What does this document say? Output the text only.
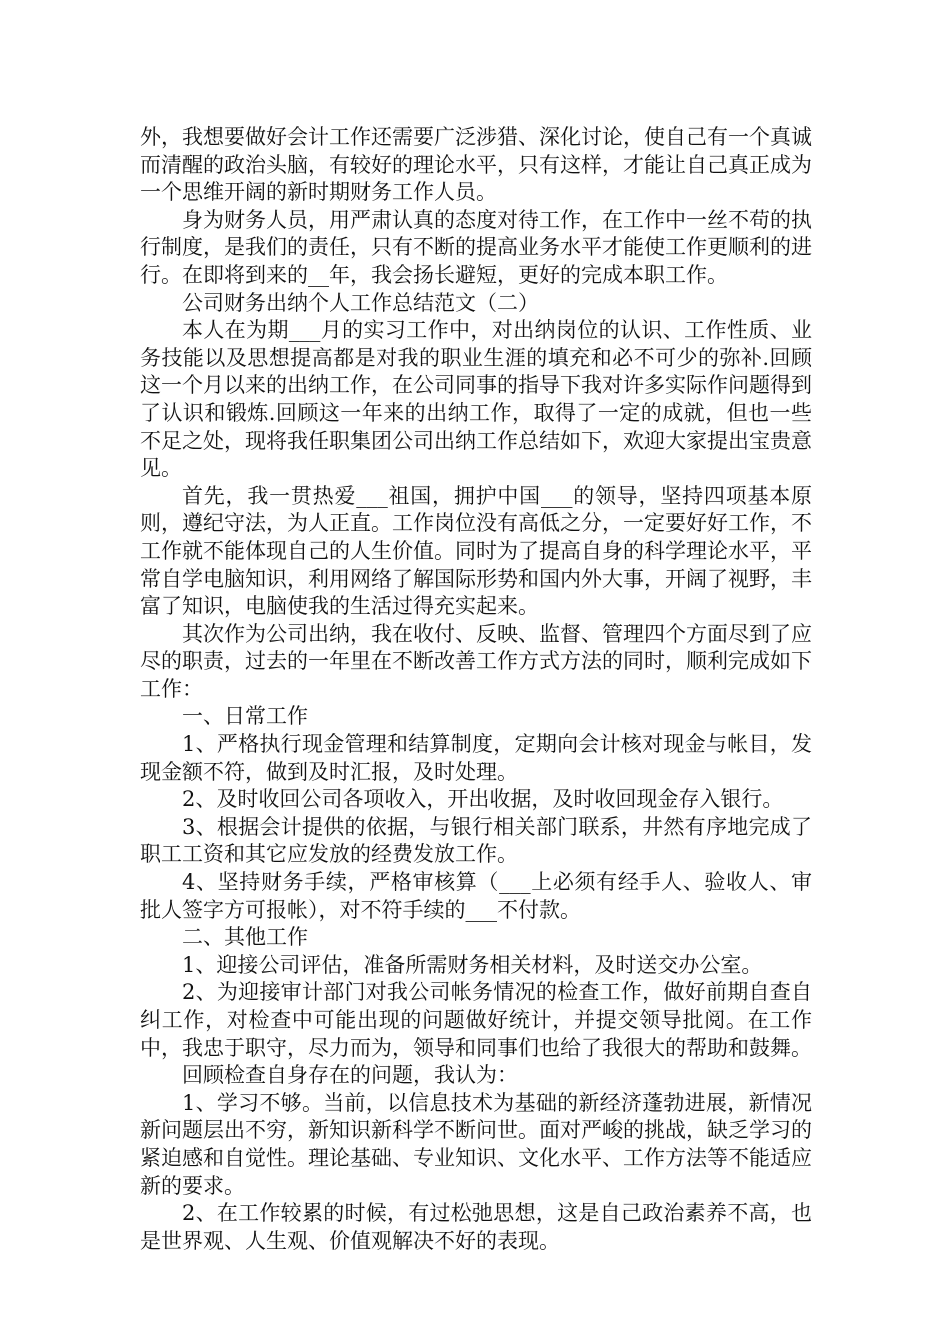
外，我想要做好会计工作还需要广泛涉猎、深化讨论，使自己有一个真诚而清醒的政治头脑，有较好的理论水平，只有这样，才能让自己真正成为一个思维开阔的新时期财务工作人员。

身为财务人员，用严肃认真的态度对待工作，在工作中一丝不苟的执行制度，是我们的责任，只有不断的提高业务水平才能使工作更顺利的进行。在即将到来的__年，我会扬长避短，更好的完成本职工作。

公司财务出纳个人工作总结范文（二）

本人在为期___月的实习工作中，对出纳岗位的认识、工作性质、业务技能以及思想提高都是对我的职业生涯的填充和必不可少的弥补.回顾这一个月以来的出纳工作，在公司同事的指导下我对许多实际作问题得到了认识和锻炼.回顾这一年来的出纳工作，取得了一定的成就，但也一些不足之处，现将我任职集团公司出纳工作总结如下，欢迎大家提出宝贵意见。

首先，我一贯热爱___祖国，拥护中国___的领导，坚持四项基本原则，遵纪守法，为人正直。工作岗位没有高低之分，一定要好好工作，不工作就不能体现自己的人生价值。同时为了提高自身的科学理论水平，平常自学电脑知识，利用网络了解国际形势和国内外大事，开阔了视野，丰富了知识，电脑使我的生活过得充实起来。

其次作为公司出纳，我在收付、反映、监督、管理四个方面尽到了应尽的职责，过去的一年里在不断改善工作方式方法的同时，顺利完成如下工作：

一、日常工作

1、严格执行现金管理和结算制度，定期向会计核对现金与帐目，发现金额不符，做到及时汇报，及时处理。

2、及时收回公司各项收入，开出收据，及时收回现金存入银行。

3、根据会计提供的依据，与银行相关部门联系，井然有序地完成了职工工资和其它应发放的经费发放工作。

4、坚持财务手续，严格审核算（___上必须有经手人、验收人、审批人签字方可报帐），对不符手续的___不付款。

二、其他工作

1、迎接公司评估，准备所需财务相关材料，及时送交办公室。

2、为迎接审计部门对我公司帐务情况的检查工作，做好前期自查自纠工作，对检查中可能出现的问题做好统计，并提交领导批阅。在工作中，我忠于职守，尽力而为，领导和同事们也给了我很大的帮助和鼓舞。

回顾检查自身存在的问题，我认为：

1、学习不够。当前，以信息技术为基础的新经济蓬勃进展，新情况新问题层出不穷，新知识新科学不断问世。面对严峻的挑战，缺乏学习的紧迫感和自觉性。理论基础、专业知识、文化水平、工作方法等不能适应新的要求。

2、在工作较累的时候，有过松弛思想，这是自己政治素养不高，也是世界观、人生观、价值观解决不好的表现。
